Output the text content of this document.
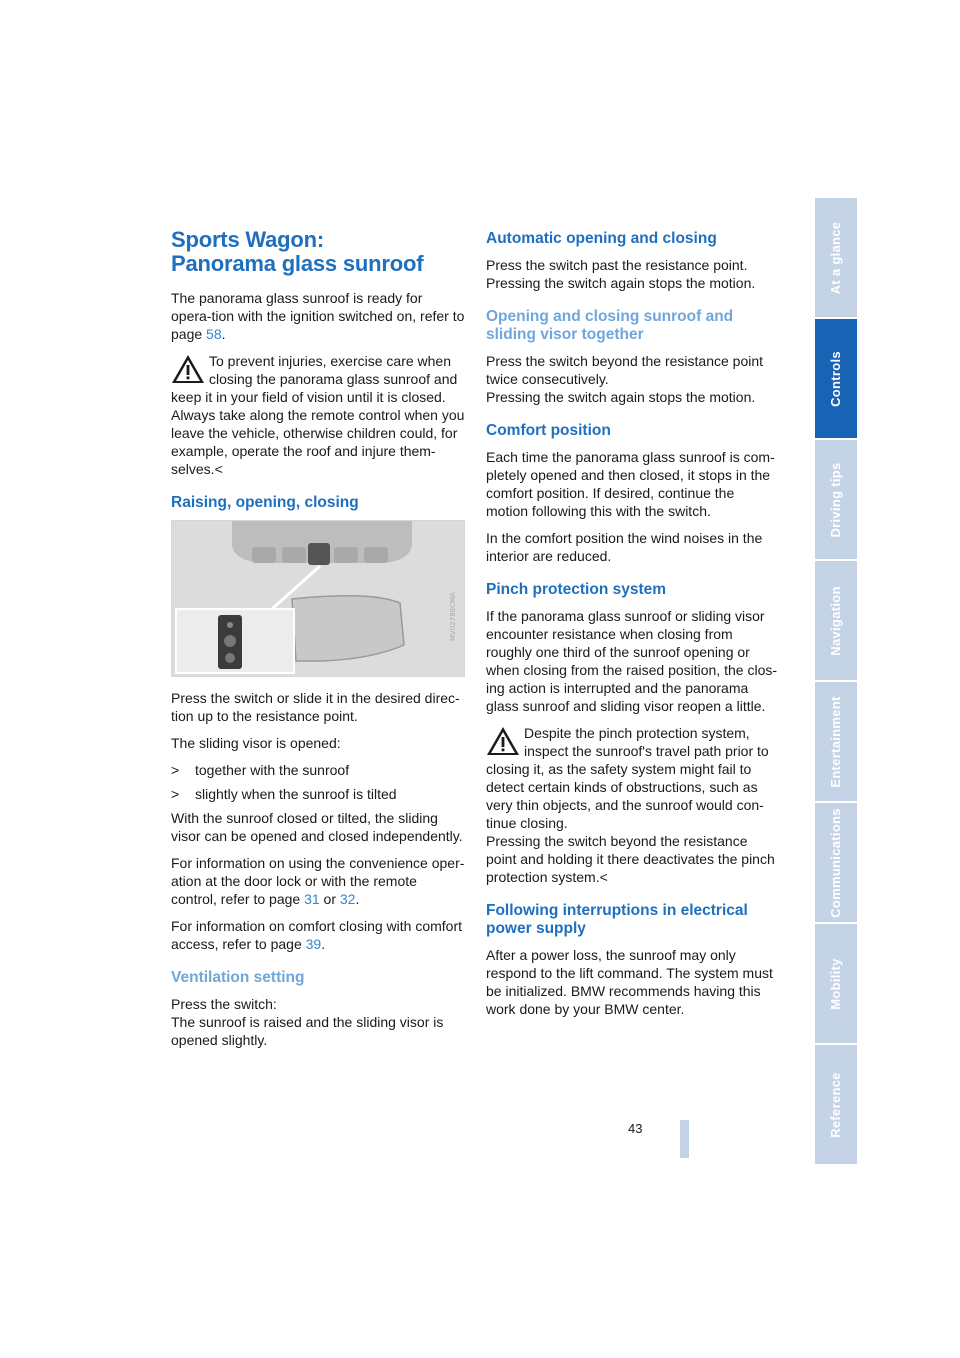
Sports Wagon:
Panorama glass sunroof

The panorama glass sunroof is ready for opera-tion with the ignition switched on, refer to page 58.

To prevent injuries, exercise care when closing the panorama glass sunroof and keep it in your field of vision until it is closed. Always take along the remote control when you leave the vehicle, otherwise children could, for example, operate the roof and injure them-selves.<
Raising, opening, closing
MV02786CMA

Press the switch or slide it in the desired direc-tion up to the resistance point.

The sliding visor is opened:

>	together with the sunroof
>	slightly when the sunroof is tilted

With the sunroof closed or tilted, the sliding visor can be opened and closed independently.

For information on using the convenience oper-ation at the door lock or with the remote control, refer to page 31 or 32.

For information on comfort closing with comfort access, refer to page 39.

Ventilation setting

Press the switch:
The sunroof is raised and the sliding visor is opened slightly.

Automatic opening and closing

Press the switch past the resistance point.
Pressing the switch again stops the motion.

Opening and closing sunroof and sliding visor together

Press the switch beyond the resistance point twice consecutively.
Pressing the switch again stops the motion.

Comfort position

Each time the panorama glass sunroof is com-pletely opened and then closed, it stops in the comfort position. If desired, continue the motion following this with the switch.

In the comfort position the wind noises in the interior are reduced.

Pinch protection system

If the panorama glass sunroof or sliding visor encounter resistance when closing from roughly one third of the sunroof opening or when closing from the raised position, the clos-ing action is interrupted and the panorama glass sunroof and sliding visor reopen a little.

Despite the pinch protection system, inspect the sunroof's travel path prior to closing it, as the safety system might fail to detect certain kinds of obstructions, such as very thin objects, and the sunroof would con-tinue closing.
Pressing the switch beyond the resistance point and holding it there deactivates the pinch protection system.<
Following interruptions in electrical power supply

After a power loss, the sunroof may only respond to the lift command. The system must be initialized. BMW recommends having this work done by your BMW center.

At a glance
Controls
Driving tips
Navigation
Entertainment
Communications
Mobility
Reference
43
